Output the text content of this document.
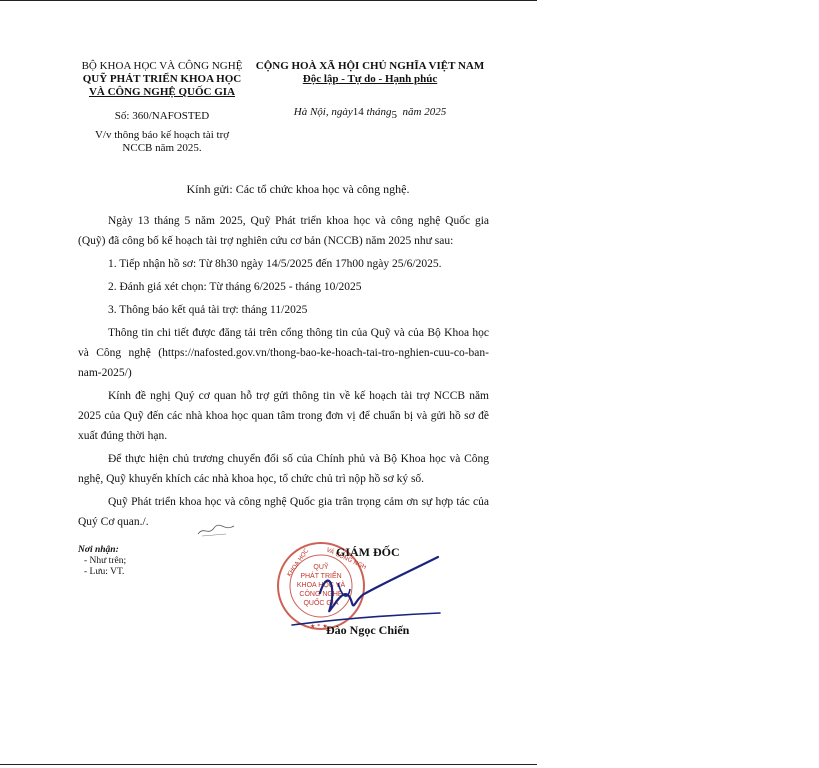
BỘ KHOA HỌC VÀ CÔNG NGHỆ
QUỸ PHÁT TRIỂN KHOA HỌC
VÀ CÔNG NGHỆ QUỐC GIA
Số: 360/NAFOSTED
V/v thông báo kế hoạch tài trợ
NCCB năm 2025.
CỘNG HOÀ XÃ HỘI CHỦ NGHĨA VIỆT NAM
Độc lập - Tự do - Hạnh phúc
Hà Nội, ngày14 tháng5 năm 2025
Kính gửi: Các tổ chức khoa học và công nghệ.

Ngày 13 tháng 5 năm 2025, Quỹ Phát triển khoa học và công nghệ Quốc gia (Quỹ) đã công bố kế hoạch tài trợ nghiên cứu cơ bản (NCCB) năm 2025 như sau:

1. Tiếp nhận hồ sơ: Từ 8h30 ngày 14/5/2025 đến 17h00 ngày 25/6/2025.

2. Đánh giá xét chọn: Từ tháng 6/2025 - tháng 10/2025

3. Thông báo kết quả tài trợ: tháng 11/2025

Thông tin chi tiết được đăng tải trên cổng thông tin của Quỹ và của Bộ Khoa học và Công nghệ (https://nafosted.gov.vn/thong-bao-ke-hoach-tai-tro-nghien-cuu-co-ban-nam-2025/)

Kính đề nghị Quý cơ quan hỗ trợ gửi thông tin về kế hoạch tài trợ NCCB năm 2025 của Quỹ đến các nhà khoa học quan tâm trong đơn vị để chuẩn bị và gửi hồ sơ đề xuất đúng thời hạn.

Để thực hiện chủ trương chuyển đổi số của Chính phủ và Bộ Khoa học và Công nghệ, Quỹ khuyến khích các nhà khoa học, tổ chức chủ trì nộp hồ sơ ký số.

Quỹ Phát triển khoa học và công nghệ Quốc gia trân trọng cảm ơn sự hợp tác của Quý Cơ quan./.

Nơi nhận:
- Như trên;
- Lưu: VT.	KHOA HỌC VÀ CÔNG NGHỆ
★ * ★
QUỸ
PHÁT TRIỂN
KHOA HỌC VÀ
CÔNG NGHỆ
QUỐC GIA
GIÁM ĐỐC
Đào Ngọc Chiến
